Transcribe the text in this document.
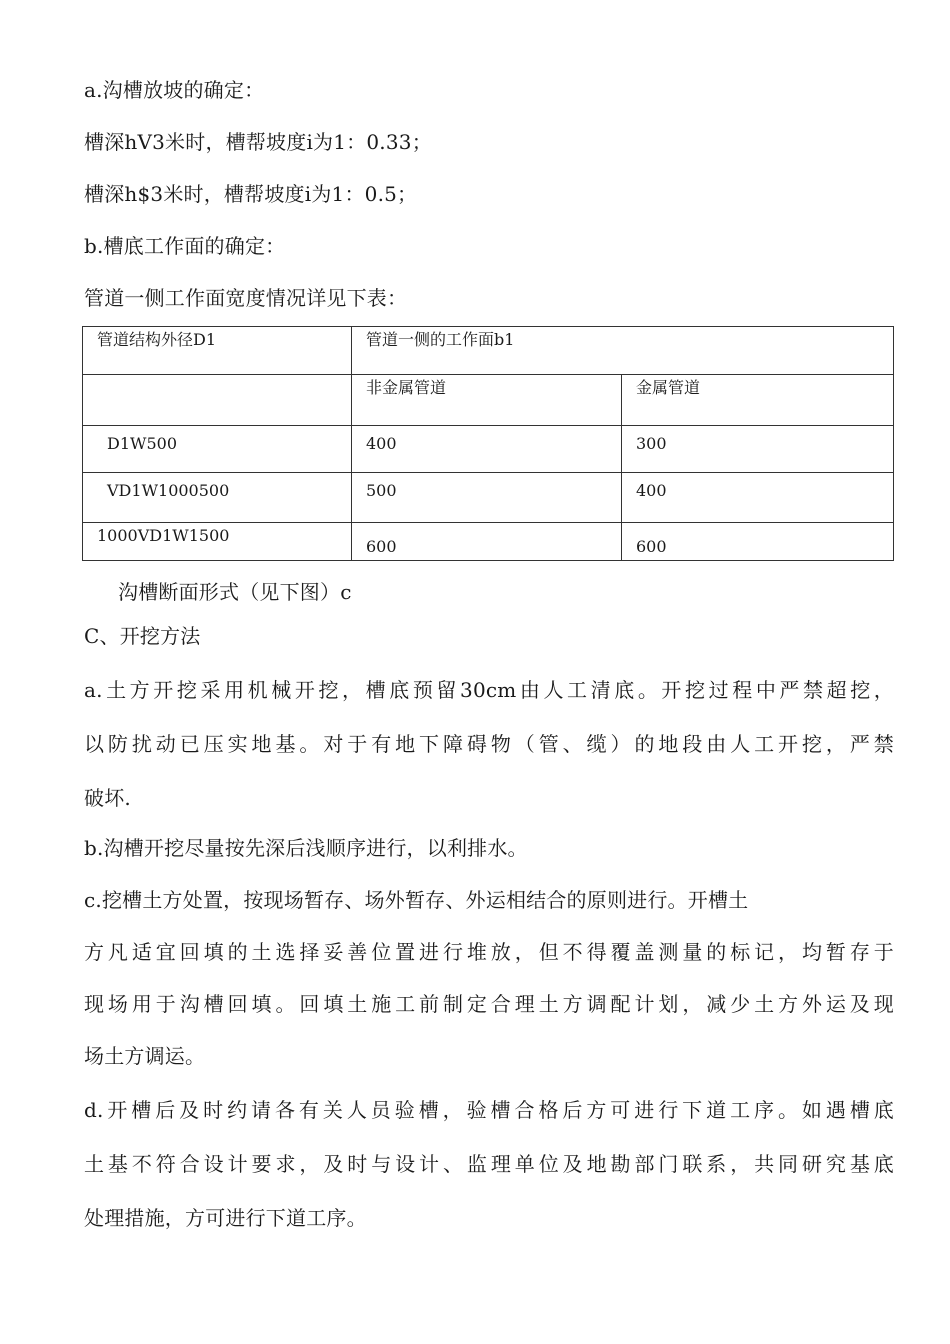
a.沟槽放坡的确定：
槽深hV3米时，槽帮坡度i为1：0.33；
槽深h$3米时，槽帮坡度i为1：0.5；
b.槽底工作面的确定：
管道一侧工作面宽度情况详见下表：
管道结构外径D1	管道一侧的工作面b1	
	非金属管道	金属管道
D1W500	400	300
VD1W1000500	500	400
1000VD1W1500	600	600
沟槽断面形式（见下图）c
C、开挖方法
a.土方开挖采用机械开挖，槽底预留30cm由人工清底。开挖过程中严禁超挖，
以防扰动已压实地基。对于有地下障碍物（管、缆）的地段由人工开挖，严禁
破坏.
b.沟槽开挖尽量按先深后浅顺序进行，以利排水。
c.挖槽土方处置，按现场暂存、场外暂存、外运相结合的原则进行。开槽土
方凡适宜回填的土选择妥善位置进行堆放，但不得覆盖测量的标记，均暂存于
现场用于沟槽回填。回填土施工前制定合理土方调配计划，减少土方外运及现
场土方调运。
d.开槽后及时约请各有关人员验槽，验槽合格后方可进行下道工序。如遇槽底
土基不符合设计要求，及时与设计、监理单位及地勘部门联系，共同研究基底
处理措施，方可进行下道工序。
